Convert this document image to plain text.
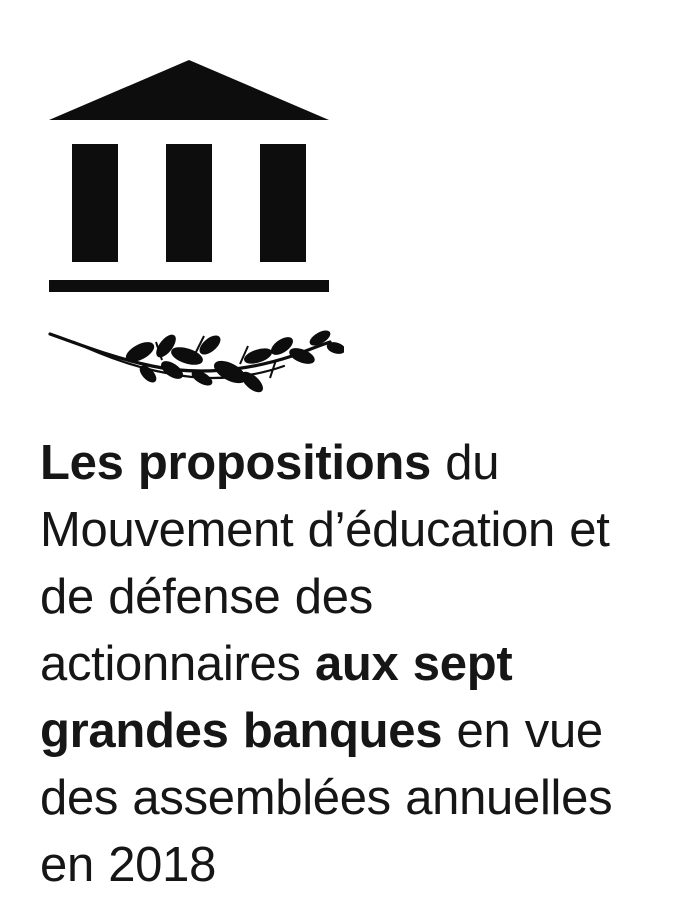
Les propositions du Mouvement d’éducation et de défense des actionnaires aux sept grandes banques en vue des assemblées annuelles en 2018
